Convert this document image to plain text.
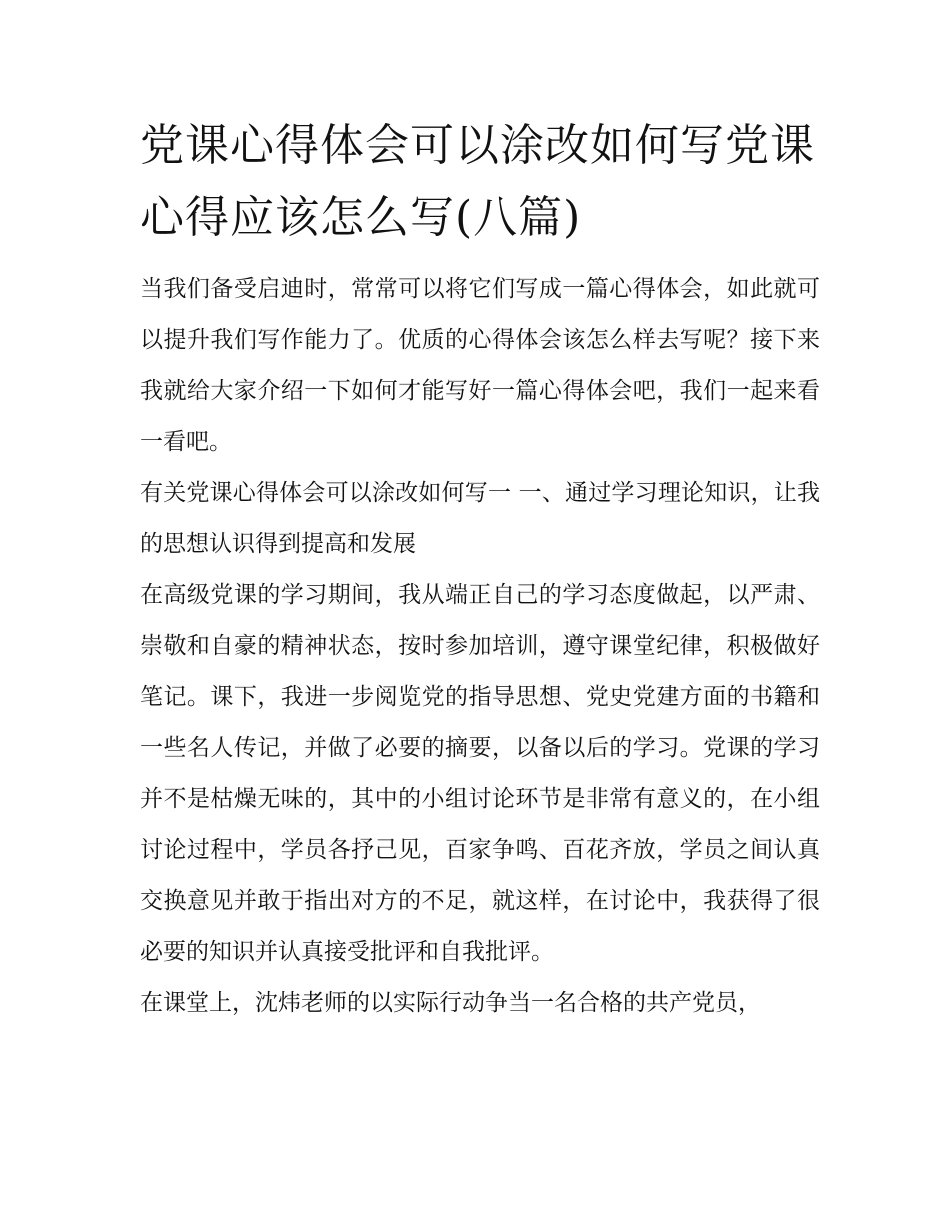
党课心得体会可以涂改如何写党课心得应该怎么写(八篇)

当我们备受启迪时，常常可以将它们写成一篇心得体会，如此就可以提升我们写作能力了。优质的心得体会该怎么样去写呢？接下来我就给大家介绍一下如何才能写好一篇心得体会吧，我们一起来看一看吧。

有关党课心得体会可以涂改如何写一 一、通过学习理论知识，让我的思想认识得到提高和发展

在高级党课的学习期间，我从端正自己的学习态度做起，以严肃、崇敬和自豪的精神状态，按时参加培训，遵守课堂纪律，积极做好笔记。课下，我进一步阅览党的指导思想、党史党建方面的书籍和一些名人传记，并做了必要的摘要，以备以后的学习。党课的学习并不是枯燥无味的，其中的小组讨论环节是非常有意义的，在小组讨论过程中，学员各抒己见，百家争鸣、百花齐放，学员之间认真交换意见并敢于指出对方的不足，就这样，在讨论中，我获得了很必要的知识并认真接受批评和自我批评。

在课堂上，沈炜老师的以实际行动争当一名合格的共产党员，
